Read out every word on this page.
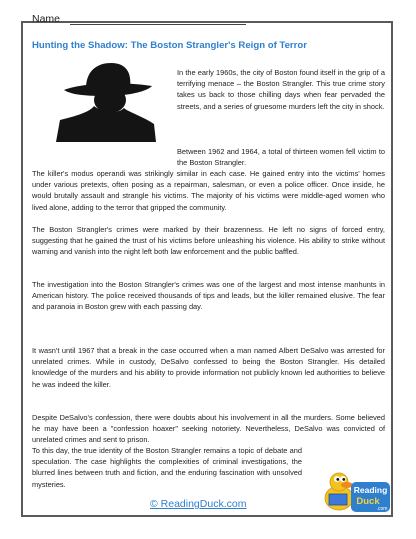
Name
Hunting the Shadow: The Boston Strangler's Reign of Terror

In the early 1960s, the city of Boston found itself in the grip of a terrifying menace – the Boston Strangler. This true crime story takes us back to those chilling days when fear pervaded the streets, and a series of gruesome murders left the city in shock.

Between 1962 and 1964, a total of thirteen women fell victim to the Boston Strangler.

The killer's modus operandi was strikingly similar in each case. He gained entry into the victims' homes under various pretexts, often posing as a repairman, salesman, or even a police officer. Once inside, he would brutally assault and strangle his victims. The majority of his victims were middle-aged women who lived alone, adding to the terror that gripped the community.

The Boston Strangler's crimes were marked by their brazenness. He left no signs of forced entry, suggesting that he gained the trust of his victims before unleashing his violence. His ability to strike without warning and vanish into the night left both law enforcement and the public baffled.

The investigation into the Boston Strangler's crimes was one of the largest and most intense manhunts in American history. The police received thousands of tips and leads, but the killer remained elusive. The fear and paranoia in Boston grew with each passing day.

It wasn't until 1967 that a break in the case occurred when a man named Albert DeSalvo was arrested for unrelated crimes. While in custody, DeSalvo confessed to being the Boston Strangler. His detailed knowledge of the murders and his ability to provide information not publicly known led authorities to believe he was indeed the killer.

Despite DeSalvo's confession, there were doubts about his involvement in all the murders. Some believed he may have been a "confession hoaxer" seeking notoriety. Nevertheless, DeSalvo was convicted of unrelated crimes and sent to prison.

To this day, the true identity of the Boston Strangler remains a topic of debate and speculation. The case highlights the complexities of criminal investigations, the blurred lines between truth and fiction, and the enduring fascination with unsolved mysteries.

© ReadingDuck.com
Reading
Duck
.com
